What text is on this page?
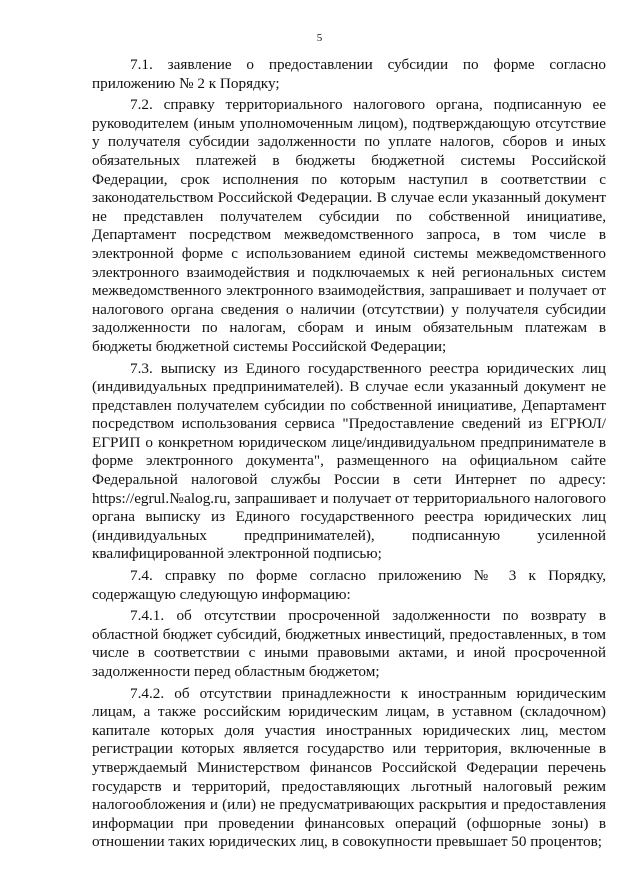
5

7.1. заявление о предоставлении субсидии по форме согласно приложению № 2 к Порядку;

7.2. справку территориального налогового органа, подписанную ее руководителем (иным уполномоченным лицом), подтверждающую отсутствие у получателя субсидии задолженности по уплате налогов, сборов и иных обязательных платежей в бюджеты бюджетной системы Российской Федерации, срок исполнения по которым наступил в соответствии с законодательством Российской Федерации. В случае если указанный документ не представлен получателем субсидии по собственной инициативе, Департамент посредством межведомственного запроса, в том числе в электронной форме с использованием единой системы межведомственного электронного взаимодействия и подключаемых к ней региональных систем межведомственного электронного взаимодействия, запрашивает и получает от налогового органа сведения о наличии (отсутствии) у получателя субсидии задолженности по налогам, сборам и иным обязательным платежам в бюджеты бюджетной системы Российской Федерации;

7.3. выписку из Единого государственного реестра юридических лиц (индивидуальных предпринимателей). В случае если указанный документ не представлен получателем субсидии по собственной инициативе, Департамент посредством использования сервиса "Предоставление сведений из ЕГРЮЛ/ЕГРИП о конкретном юридическом лице/индивидуальном предпринимателе в форме электронного документа", размещенного на официальном сайте Федеральной налоговой службы России в сети Интернет по адресу: https://egrul.№alog.ru, запрашивает и получает от территориального налогового органа выписку из Единого государственного реестра юридических лиц (индивидуальных предпринимателей), подписанную усиленной квалифицированной электронной подписью;

7.4. справку по форме согласно приложению № 3 к Порядку, содержащую следующую информацию:

7.4.1. об отсутствии просроченной задолженности по возврату в областной бюджет субсидий, бюджетных инвестиций, предоставленных, в том числе в соответствии с иными правовыми актами, и иной просроченной задолженности перед областным бюджетом;

7.4.2. об отсутствии принадлежности к иностранным юридическим лицам, а также российским юридическим лицам, в уставном (складочном) капитале которых доля участия иностранных юридических лиц, местом регистрации которых является государство или территория, включенные в утверждаемый Министерством финансов Российской Федерации перечень государств и территорий, предоставляющих льготный налоговый режим налогообложения и (или) не предусматривающих раскрытия и предоставления информации при проведении финансовых операций (офшорные зоны) в отношении таких юридических лиц, в совокупности превышает 50 процентов;
